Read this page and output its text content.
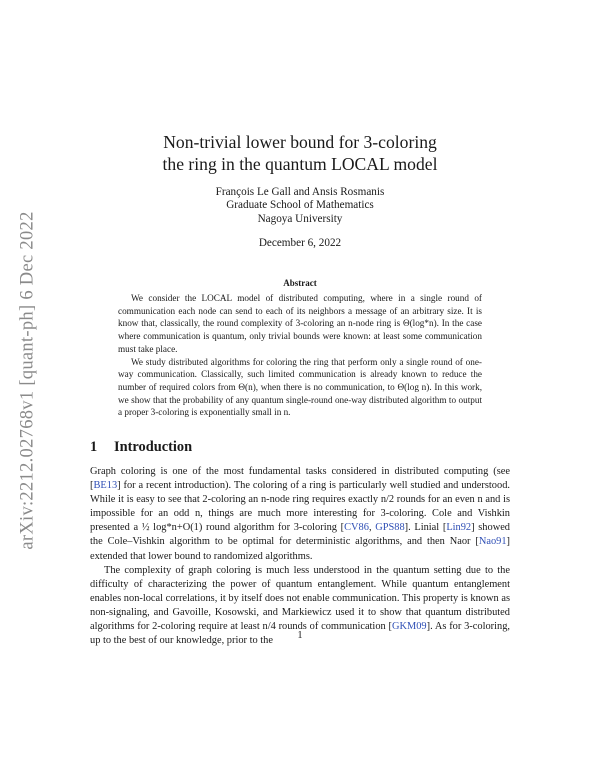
arXiv:2212.02768v1 [quant-ph] 6 Dec 2022
Non-trivial lower bound for 3-coloring
the ring in the quantum LOCAL model
François Le Gall and Ansis Rosmanis
Graduate School of Mathematics
Nagoya University
December 6, 2022
Abstract

We consider the LOCAL model of distributed computing, where in a single round of communication each node can send to each of its neighbors a message of an arbitrary size. It is know that, classically, the round complexity of 3-coloring an n-node ring is Θ(log*n). In the case where communication is quantum, only trivial bounds were known: at least some communication must take place.

We study distributed algorithms for coloring the ring that perform only a single round of one-way communication. Classically, such limited communication is already known to reduce the number of required colors from Θ(n), when there is no communication, to Θ(log n). In this work, we show that the probability of any quantum single-round one-way distributed algorithm to output a proper 3-coloring is exponentially small in n.

1 Introduction

Graph coloring is one of the most fundamental tasks considered in distributed computing (see [BE13] for a recent introduction). The coloring of a ring is particularly well studied and understood. While it is easy to see that 2-coloring an n-node ring requires exactly n/2 rounds for an even n and is impossible for an odd n, things are much more interesting for 3-coloring. Cole and Vishkin presented a ½ log*n+O(1) round algorithm for 3-coloring [CV86, GPS88]. Linial [Lin92] showed the Cole–Vishkin algorithm to be optimal for deterministic algorithms, and then Naor [Nao91] extended that lower bound to randomized algorithms.

The complexity of graph coloring is much less understood in the quantum setting due to the difficulty of characterizing the power of quantum entanglement. While quantum entanglement enables non-local correlations, it by itself does not enable communication. This property is known as non-signaling, and Gavoille, Kosowski, and Markiewicz used it to show that quantum distributed algorithms for 2-coloring require at least n/4 rounds of communication [GKM09]. As for 3-coloring, up to the best of our knowledge, prior to the	1
